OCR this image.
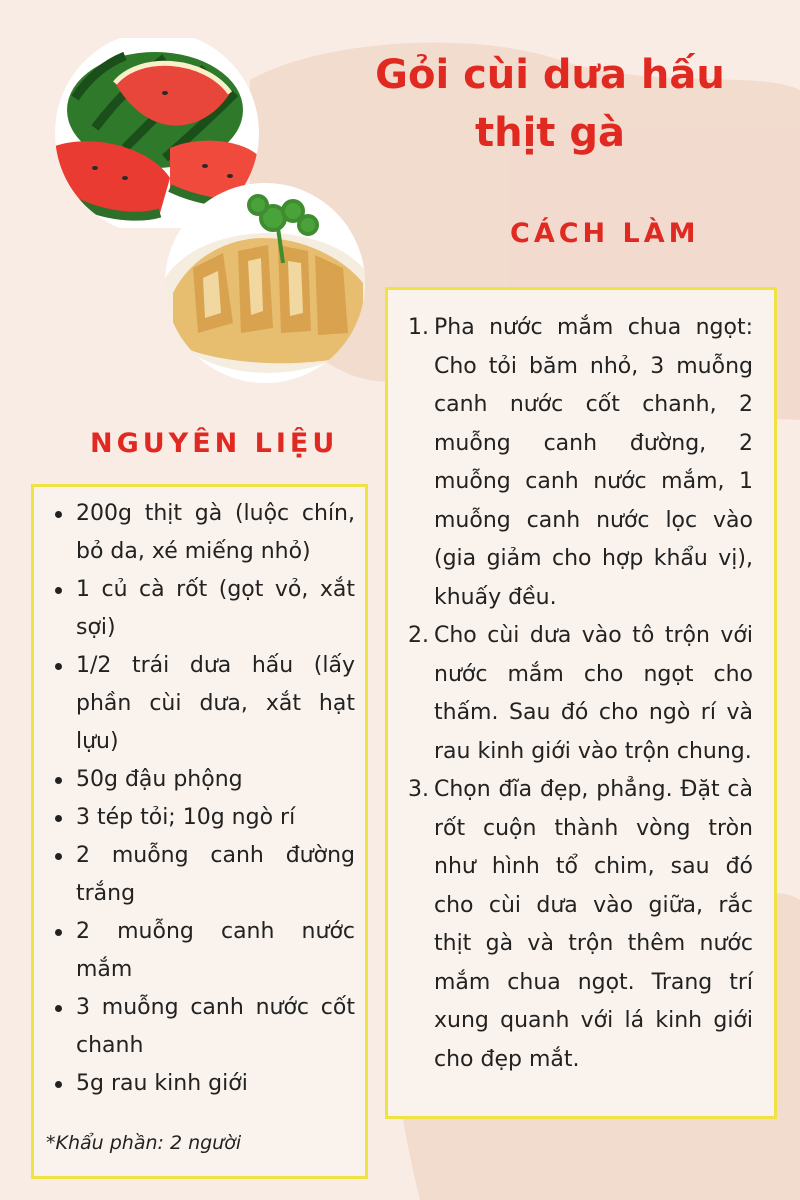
Gỏi cùi dưa hấu thịt gà
CÁCH LÀM
1. Pha nước mắm chua ngọt: Cho tỏi băm nhỏ, 3 muỗng canh nước cốt chanh, 2 muỗng canh đường, 2 muỗng canh nước mắm, 1 muỗng canh nước lọc vào (gia giảm cho hợp khẩu vị), khuấy đều.
2. Cho cùi dưa vào tô trộn với nước mắm cho ngọt cho thấm. Sau đó cho ngò rí và rau kinh giới vào trộn chung.
3. Chọn đĩa đẹp, phẳng. Đặt cà rốt cuộn thành vòng tròn như hình tổ chim, sau đó cho cùi dưa vào giữa, rắc thịt gà và trộn thêm nước mắm chua ngọt. Trang trí xung quanh với lá kinh giới cho đẹp mắt.
NGUYÊN LIỆU
200g thịt gà (luộc chín, bỏ da, xé miếng nhỏ)
1 củ cà rốt (gọt vỏ, xắt sợi)
1/2 trái dưa hấu (lấy phần cùi dưa, xắt hạt lựu)
50g đậu phộng
3 tép tỏi; 10g ngò rí
2 muỗng canh đường trắng
2 muỗng canh nước mắm
3 muỗng canh nước cốt chanh
5g rau kinh giới

*Khẩu phần: 2 người
